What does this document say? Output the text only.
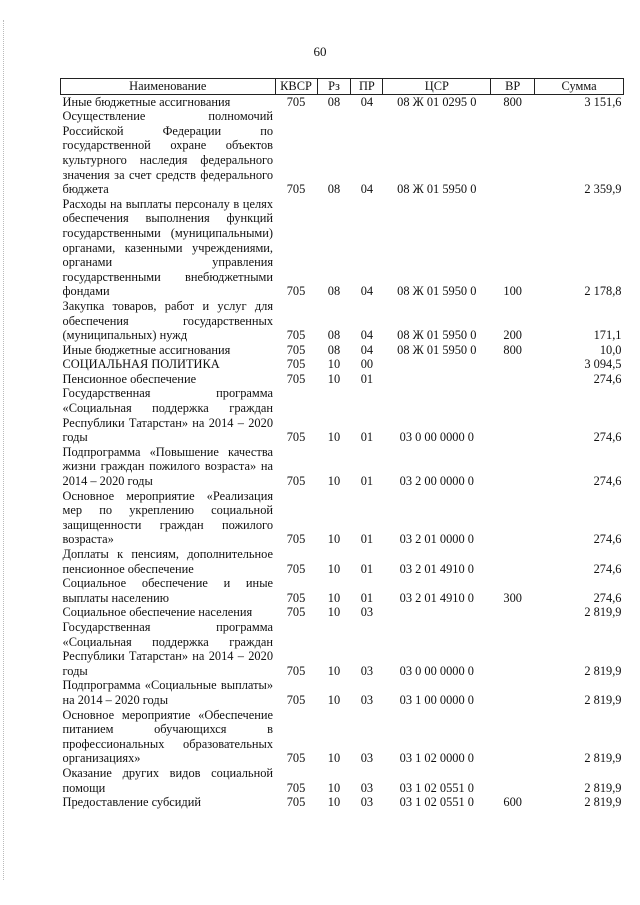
60
Наименование	КВСР	Рз	ПР	ЦСР	ВР	Сумма
Иные бюджетные ассигнования	705	08	04	08 Ж 01 0295 0	800	3 151,6
Осуществление полномочий Российской Федерации по государственной охране объектов культурного наследия федерального значения за счет средств федерального бюджета	705	08	04	08 Ж 01 5950 0		2 359,9
Расходы на выплаты персоналу в целях обеспечения выполнения функций государственными (муниципальными) органами, казенными учреждениями, органами управления государственными внебюджетными фондами	705	08	04	08 Ж 01 5950 0	100	2 178,8
Закупка товаров, работ и услуг для обеспечения государственных (муниципальных) нужд	705	08	04	08 Ж 01 5950 0	200	171,1
Иные бюджетные ассигнования	705	08	04	08 Ж 01 5950 0	800	10,0
СОЦИАЛЬНАЯ ПОЛИТИКА	705	10	00			3 094,5
Пенсионное обеспечение	705	10	01			274,6
Государственная программа «Социальная поддержка граждан Республики Татарстан» на 2014 – 2020 годы	705	10	01	03 0 00 0000 0		274,6
Подпрограмма «Повышение качества жизни граждан пожилого возраста» на 2014 – 2020 годы	705	10	01	03 2 00 0000 0		274,6
Основное мероприятие «Реализация мер по укреплению социальной защищенности граждан пожилого возраста»	705	10	01	03 2 01 0000 0		274,6
Доплаты к пенсиям, дополнительное пенсионное обеспечение	705	10	01	03 2 01 4910 0		274,6
Социальное обеспечение и иные выплаты населению	705	10	01	03 2 01 4910 0	300	274,6
Социальное обеспечение населения	705	10	03			2 819,9
Государственная программа «Социальная поддержка граждан Республики Татарстан» на 2014 – 2020 годы	705	10	03	03 0 00 0000 0		2 819,9
Подпрограмма «Социальные выплаты» на 2014 – 2020 годы	705	10	03	03 1 00 0000 0		2 819,9
Основное мероприятие «Обеспечение питанием обучающихся в профессиональных образовательных организациях»	705	10	03	03 1 02 0000 0		2 819,9
Оказание других видов социальной помощи	705	10	03	03 1 02 0551 0		2 819,9
Предоставление субсидий	705	10	03	03 1 02 0551 0	600	2 819,9
